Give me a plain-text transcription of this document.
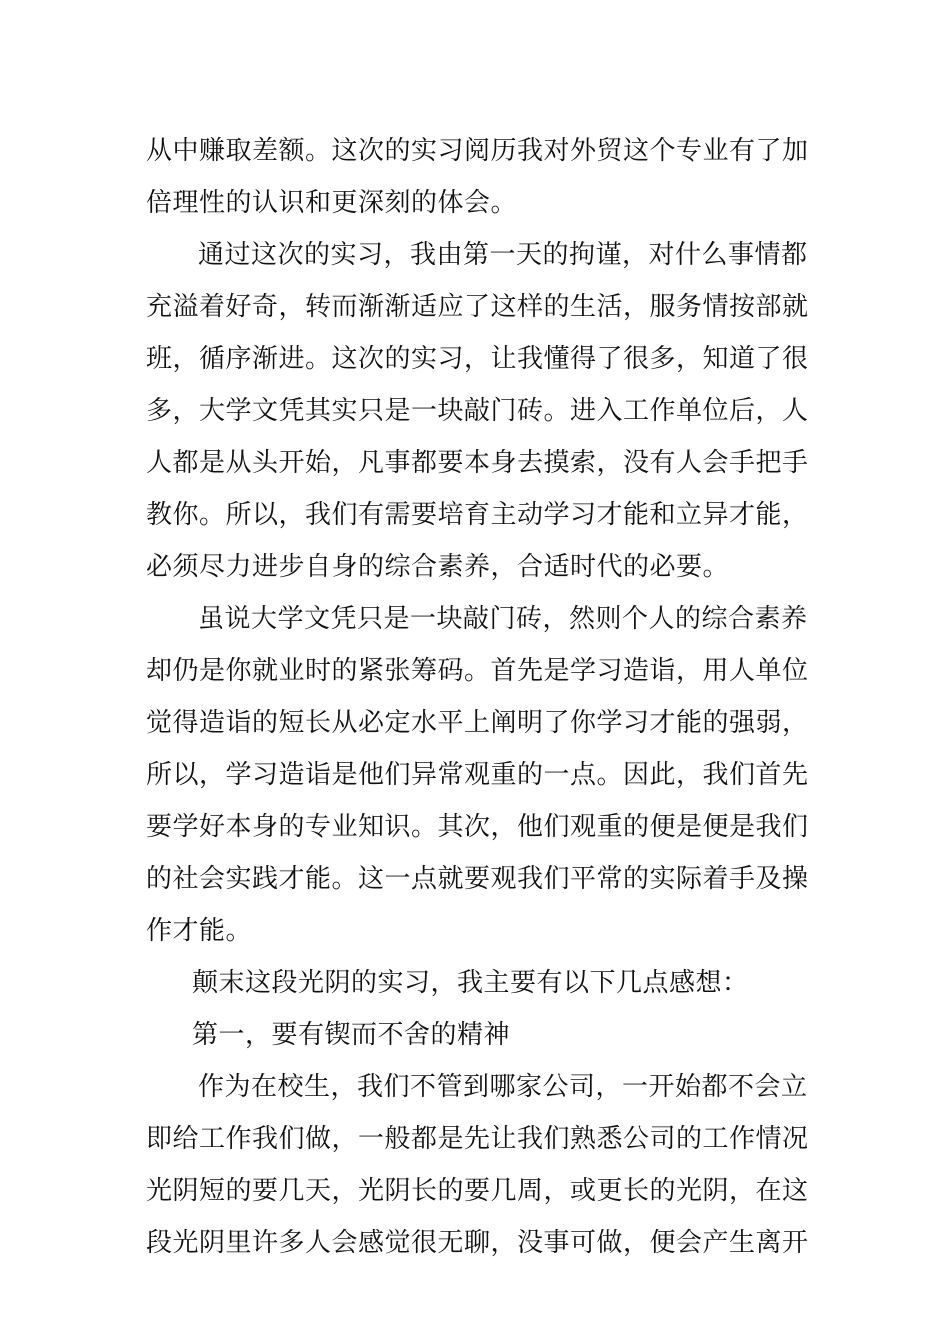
从中赚取差额。这次的实习阅历我对外贸这个专业有了加
倍理性的认识和更深刻的体会。
通过这次的实习，我由第一天的拘谨，对什么事情都
充溢着好奇，转而渐渐适应了这样的生活，服务情按部就
班，循序渐进。这次的实习，让我懂得了很多，知道了很
多，大学文凭其实只是一块敲门砖。进入工作单位后，人
人都是从头开始，凡事都要本身去摸索，没有人会手把手
教你。所以，我们有需要培育主动学习才能和立异才能，
必须尽力进步自身的综合素养，合适时代的必要。
虽说大学文凭只是一块敲门砖，然则个人的综合素养
却仍是你就业时的紧张筹码。首先是学习造诣，用人单位
觉得造诣的短长从必定水平上阐明了你学习才能的强弱，
所以，学习造诣是他们异常观重的一点。因此，我们首先
要学好本身的专业知识。其次，他们观重的便是便是我们
的社会实践才能。这一点就要观我们平常的实际着手及操
作才能。
颠末这段光阴的实习，我主要有以下几点感想：
第一，要有锲而不舍的精神
作为在校生，我们不管到哪家公司，一开始都不会立
即给工作我们做，一般都是先让我们熟悉公司的工作情况
光阴短的要几天，光阴长的要几周，或更长的光阴，在这
段光阴里许多人会感觉很无聊，没事可做，便会产生离开
